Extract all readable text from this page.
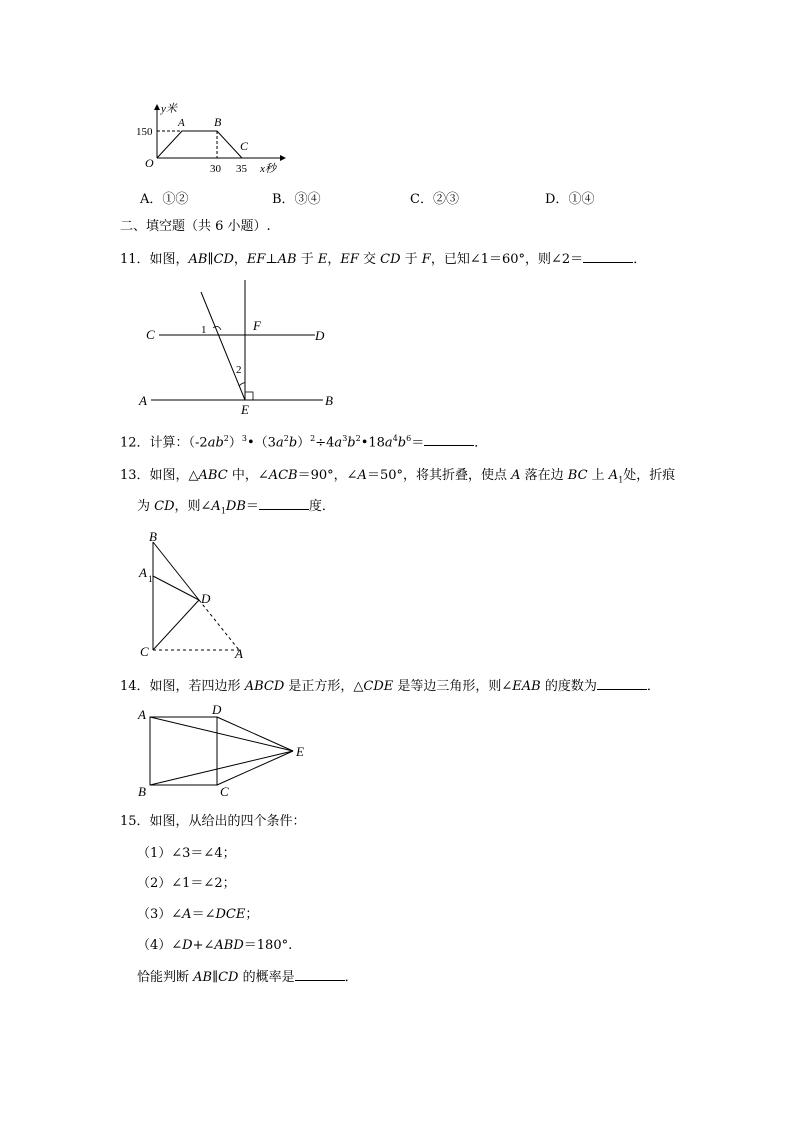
y米
x秒
150
30 35
O
A B
C
A．①②	B．③④	C．②③	D．①④
二、填空题（共 6 小题）.
11．如图，AB∥CD，EF⊥AB 于 E，EF 交 CD 于 F，已知∠1＝60°，则∠2＝	．
C	D
A	B
E
F
1
2
12．计算：$(-2ab^2)^3•(3a^2b)^2\div 4a^3b^2•18a^4b^6=$	．
13．如图，△ABC 中，∠ACB＝90°，∠A＝50°，将其折叠，使点 A 落在边 BC 上 $A_1$处，折痕
为 CD，则$\angle A_1DB=$	度．
B
A 1
D
C	A
14．如图，若四边形 ABCD 是正方形，△CDE 是等边三角形，则∠EAB 的度数为	．
A	D
E
B	C
15．如图，从给出的四个条件：
（1）∠3＝∠4；
（2）∠1＝∠2；
（3）∠A＝∠DCE；
（4）∠D+∠ABD＝180°.
恰能判断 AB∥CD 的概率是	．
